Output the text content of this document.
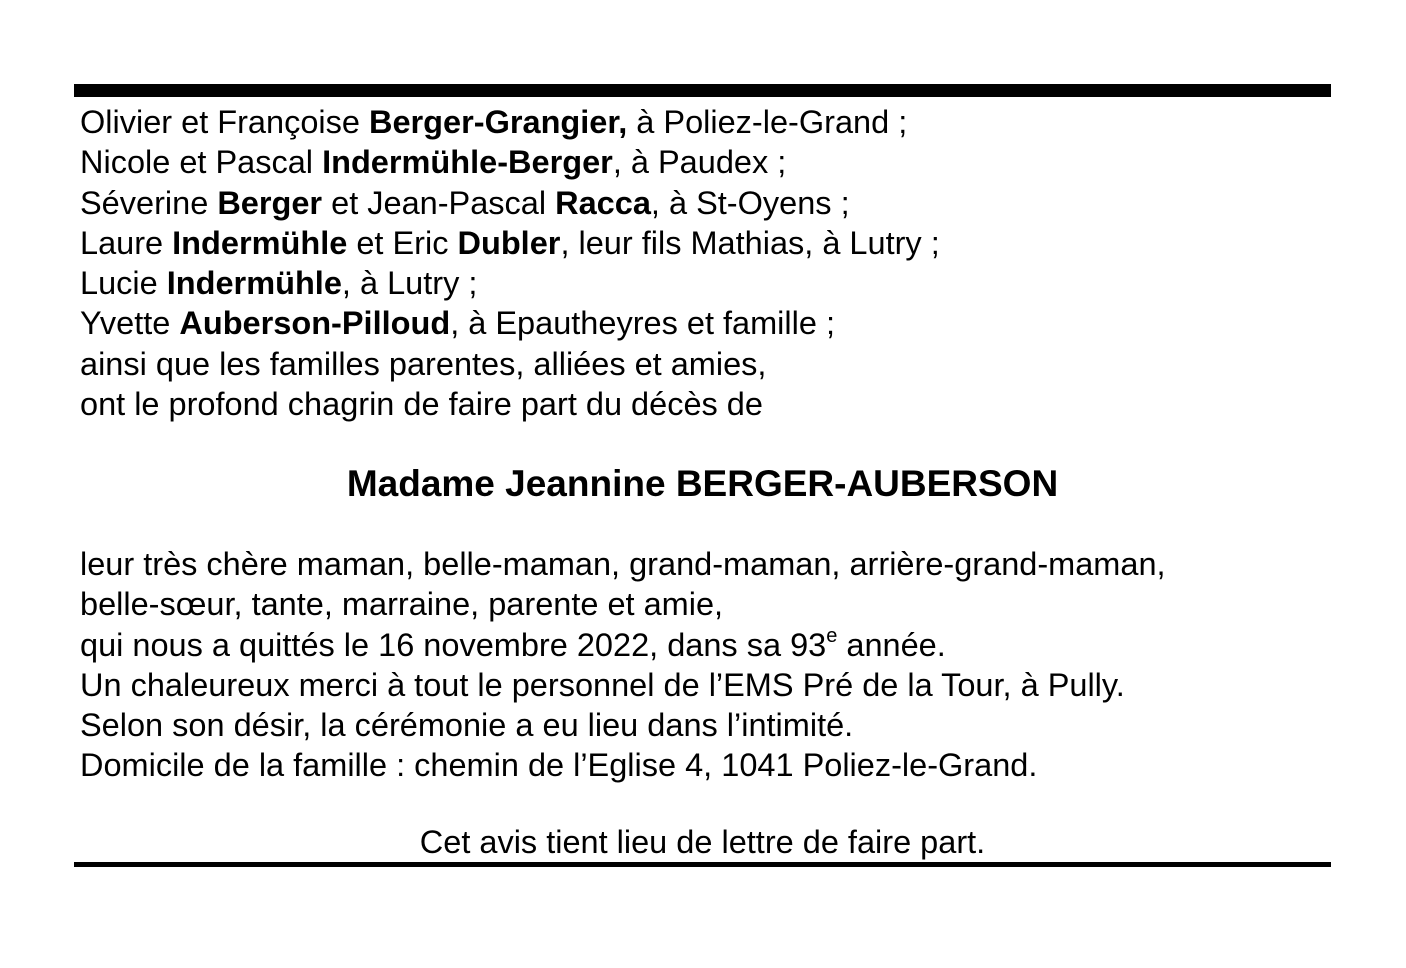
Olivier et Françoise Berger-Grangier, à Poliez-le-Grand ;
Nicole et Pascal Indermühle-Berger, à Paudex ;
Séverine Berger et Jean-Pascal Racca, à St-Oyens ;
Laure Indermühle et Eric Dubler, leur fils Mathias, à Lutry ;
Lucie Indermühle, à Lutry ;
Yvette Auberson-Pilloud, à Epautheyres et famille ;
ainsi que les familles parentes, alliées et amies,
ont le profond chagrin de faire part du décès de
Madame Jeannine BERGER-AUBERSON
leur très chère maman, belle-maman, grand-maman, arrière-grand-maman,
belle-sœur, tante, marraine, parente et amie,
qui nous a quittés le 16 novembre 2022, dans sa 93e année.
Un chaleureux merci à tout le personnel de l’EMS Pré de la Tour, à Pully.
Selon son désir, la cérémonie a eu lieu dans l’intimité.
Domicile de la famille : chemin de l’Eglise 4, 1041 Poliez-le-Grand.
Cet avis tient lieu de lettre de faire part.
